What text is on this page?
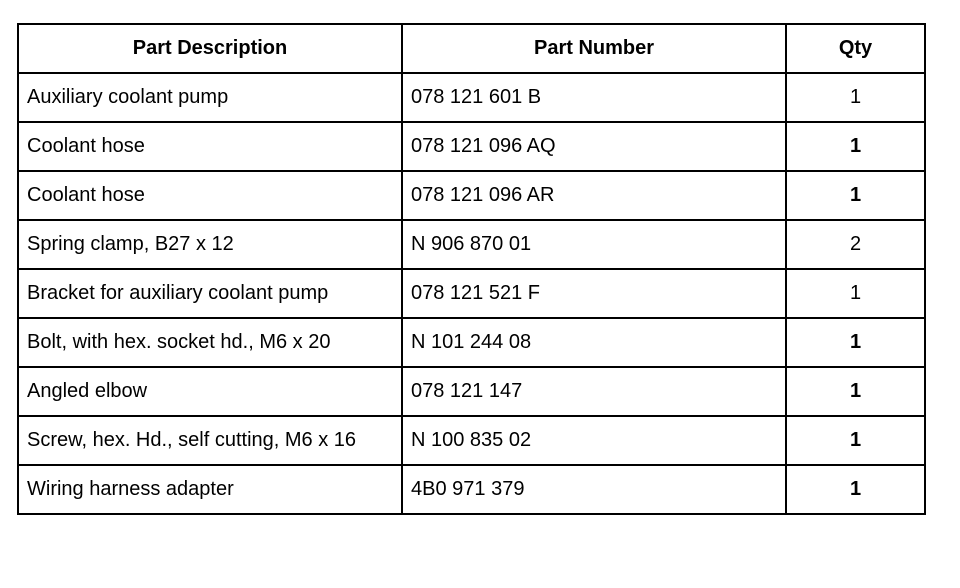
Part Description	Part Number	Qty
Auxiliary coolant pump	078 121 601 B	1
Coolant hose	078 121 096 AQ	1
Coolant hose	078 121 096 AR	1
Spring clamp, B27 x 12	N 906 870 01	2
Bracket for auxiliary coolant pump	078 121 521 F	1
Bolt, with hex. socket hd., M6 x 20	N 101 244 08	1
Angled elbow	078 121 147	1
Screw, hex. Hd., self cutting, M6 x 16	N 100 835 02	1
Wiring harness adapter	4B0 971 379	1
